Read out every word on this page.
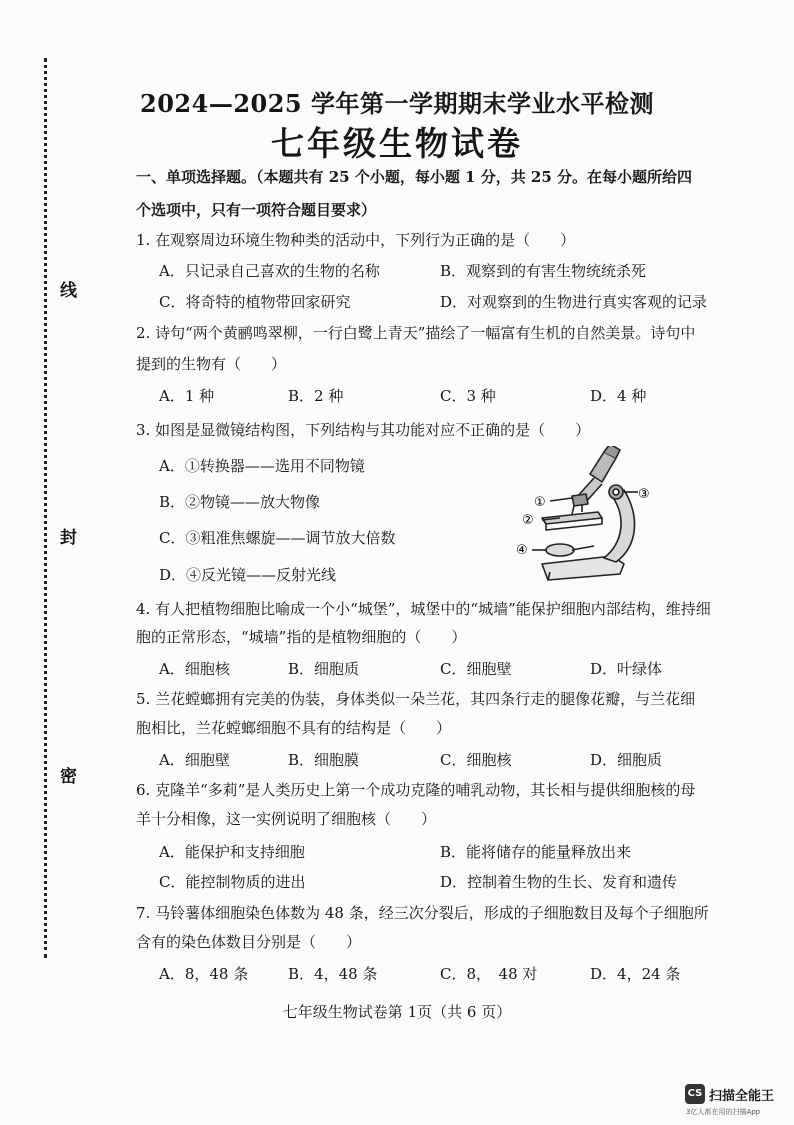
线
封
密
2024—2025 学年第一学期期末学业水平检测
七年级生物试卷
一、单项选择题。（本题共有 25 个小题，每小题 1 分，共 25 分。在每小题所给四
个选项中，只有一项符合题目要求）
1. 在观察周边环境生物种类的活动中，下列行为正确的是（　　）
A．只记录自己喜欢的生物的名称	B．观察到的有害生物统统杀死
C．将奇特的植物带回家研究	D．对观察到的生物进行真实客观的记录
2. 诗句“两个黄鹂鸣翠柳，一行白鹭上青天”描绘了一幅富有生机的自然美景。诗句中
提到的生物有（　　）
A．1 种	B．2 种	C．3 种	D．4 种
3. 如图是显微镜结构图，下列结构与其功能对应不正确的是（　　）
A．①转换器——选用不同物镜
B．②物镜——放大物像
C．③粗准焦螺旋——调节放大倍数
D．④反光镜——反射光线
①
②
③
④
4. 有人把植物细胞比喻成一个小“城堡”，城堡中的“城墙”能保护细胞内部结构，维持细
胞的正常形态，“城墙”指的是植物细胞的（　　）
A．细胞核	B．细胞质	C．细胞壁	D．叶绿体
5. 兰花螳螂拥有完美的伪装，身体类似一朵兰花，其四条行走的腿像花瓣，与兰花细
胞相比，兰花螳螂细胞不具有的结构是（　　）
A．细胞壁	B．细胞膜	C．细胞核	D．细胞质
6. 克隆羊“多莉”是人类历史上第一个成功克隆的哺乳动物，其长相与提供细胞核的母
羊十分相像，这一实例说明了细胞核（　　）
A．能保护和支持细胞	B．能将储存的能量释放出来
C．能控制物质的进出	D．控制着生物的生长、发育和遗传
7. 马铃薯体细胞染色体数为 48 条，经三次分裂后，形成的子细胞数目及每个子细胞所
含有的染色体数目分别是（　　）
A．8，48 条	B．4，48 条	C．8，　48 对	D．4，24 条
七年级生物试卷第 1页（共 6 页）
CS 扫描全能王
3亿人都在用的扫描App
